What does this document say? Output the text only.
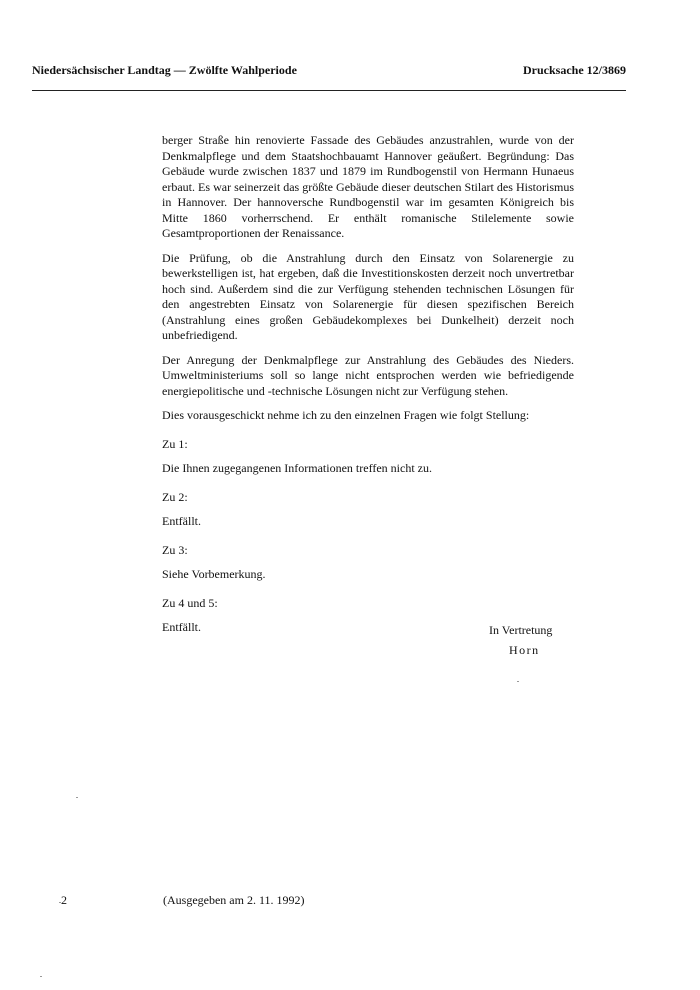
Niedersächsischer Landtag — Zwölfte Wahlperiode	Drucksache 12/3869

berger Straße hin renovierte Fassade des Gebäudes anzustrahlen, wurde von der Denkmalpflege und dem Staatshochbauamt Hannover geäußert. Begründung: Das Gebäude wurde zwischen 1837 und 1879 im Rundbogenstil von Hermann Hunaeus erbaut. Es war seinerzeit das größte Gebäude dieser deutschen Stilart des Historismus in Hannover. Der hannoversche Rundbogenstil war im gesamten Königreich bis Mitte 1860 vorherrschend. Er enthält romanische Stilelemente sowie Gesamtproportionen der Renaissance.

Die Prüfung, ob die Anstrahlung durch den Einsatz von Solarenergie zu bewerkstelligen ist, hat ergeben, daß die Investitionskosten derzeit noch unvertretbar hoch sind. Außerdem sind die zur Verfügung stehenden technischen Lösungen für den angestrebten Einsatz von Solarenergie für diesen spezifischen Bereich (Anstrahlung eines großen Gebäudekomplexes bei Dunkelheit) derzeit noch unbefriedigend.

Der Anregung der Denkmalpflege zur Anstrahlung des Gebäudes des Nieders. Umweltministeriums soll so lange nicht entsprochen werden wie befriedigende energiepolitische und -technische Lösungen nicht zur Verfügung stehen.

Dies vorausgeschickt nehme ich zu den einzelnen Fragen wie folgt Stellung:

Zu 1:

Die Ihnen zugegangenen Informationen treffen nicht zu.

Zu 2:

Entfällt.

Zu 3:

Siehe Vorbemerkung.

Zu 4 und 5:

Entfällt.	In Vertretung
Horn
2	(Ausgegeben am 2. 11. 1992)
